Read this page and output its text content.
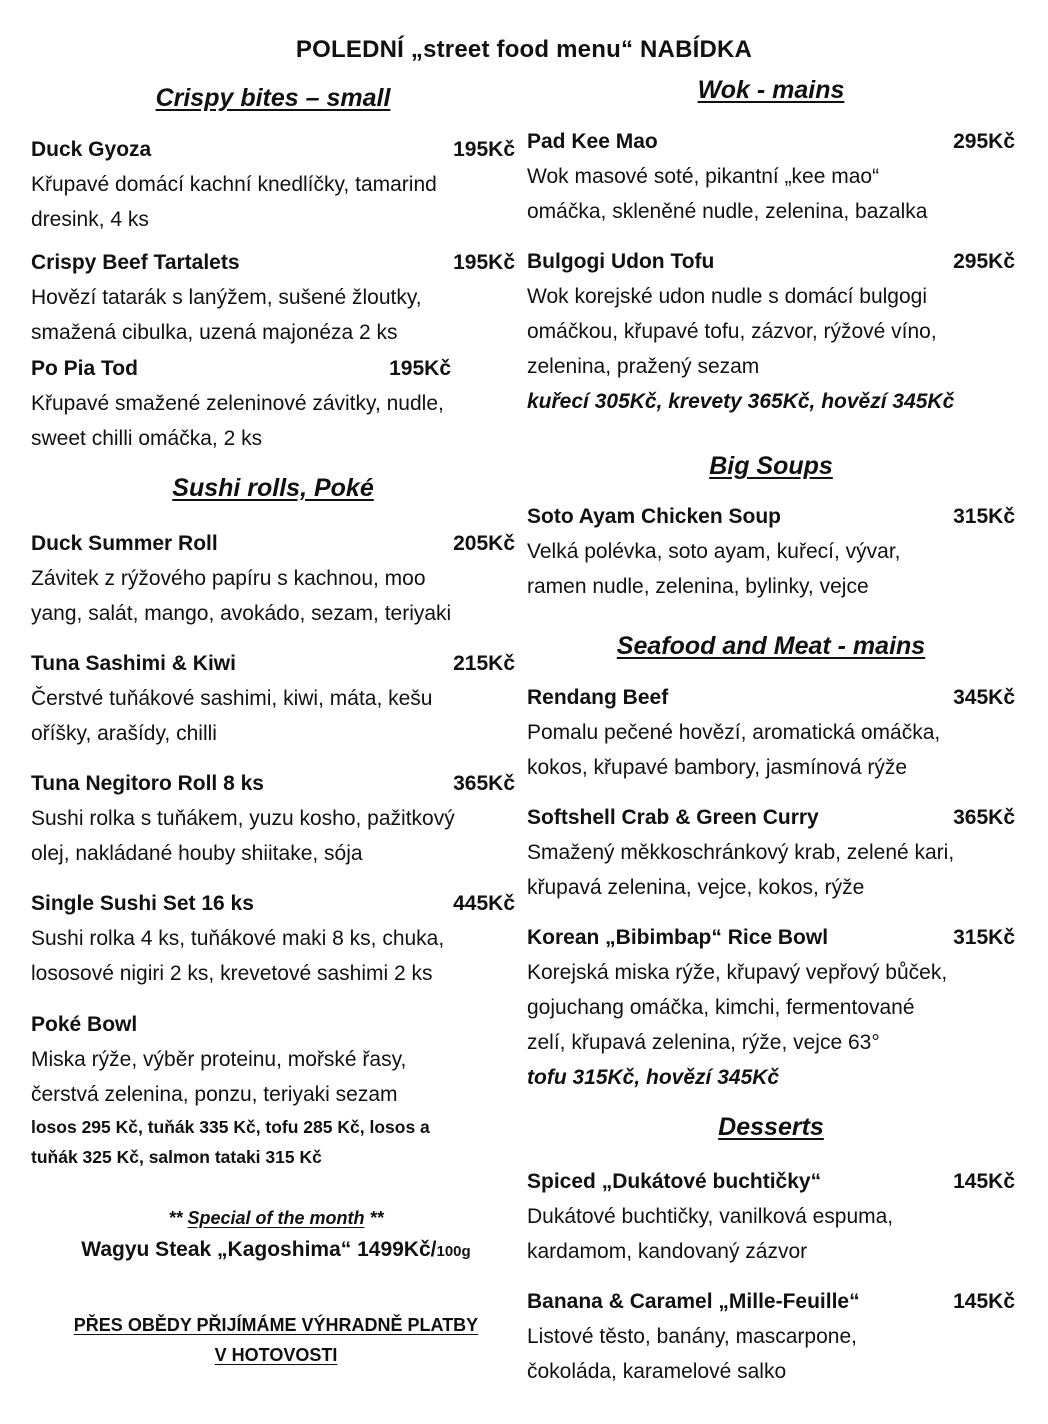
POLEDNÍ „street food menu“ NABÍDKA
Crispy bites – small
Duck Gyoza	195Kč
Křupavé domácí kachní knedlíčky, tamarind
dresink, 4 ks
Crispy Beef Tartalets	195Kč
Hovězí tatarák s lanýžem, sušené žloutky,
smažená cibulka, uzená majonéza 2 ks
Po Pia Tod	195Kč
Křupavé smažené zeleninové závitky, nudle,
sweet chilli omáčka, 2 ks
Sushi rolls, Poké
Duck Summer Roll	205Kč
Závitek z rýžového papíru s kachnou, moo
yang, salát, mango, avokádo, sezam, teriyaki
Tuna Sashimi & Kiwi	215Kč
Čerstvé tuňákové sashimi, kiwi, máta, kešu
oříšky, arašídy, chilli
Tuna Negitoro Roll 8 ks	365Kč
Sushi rolka s tuňákem, yuzu kosho, pažitkový
olej, nakládané houby shiitake, sója
Single Sushi Set 16 ks	445Kč
Sushi rolka 4 ks, tuňákové maki 8 ks, chuka,
lososové nigiri 2 ks, krevetové sashimi 2 ks
Poké Bowl
Miska rýže, výběr proteinu, mořské řasy,
čerstvá zelenina, ponzu, teriyaki sezam
losos 295 Kč, tuňák 335 Kč, tofu 285 Kč, losos a
tuňák 325 Kč, salmon tataki 315 Kč
** Special of the month **
Wagyu Steak „Kagoshima“ 1499Kč/100g
PŘES OBĚDY PŘIJÍMÁME VÝHRADNĚ PLATBY
V HOTOVOSTI
Wok - mains
Pad Kee Mao	295Kč
Wok masové soté, pikantní „kee mao“
omáčka, skleněné nudle, zelenina, bazalka
Bulgogi Udon Tofu	295Kč
Wok korejské udon nudle s domácí bulgogi
omáčkou, křupavé tofu, zázvor, rýžové víno,
zelenina, pražený sezam
kuřecí 305Kč, krevety 365Kč, hovězí 345Kč
Big Soups
Soto Ayam Chicken Soup	315Kč
Velká polévka, soto ayam, kuřecí, vývar,
ramen nudle, zelenina, bylinky, vejce
Seafood and Meat - mains
Rendang Beef	345Kč
Pomalu pečené hovězí, aromatická omáčka,
kokos, křupavé bambory, jasmínová rýže
Softshell Crab & Green Curry	365Kč
Smažený měkkoschránkový krab, zelené kari,
křupavá zelenina, vejce, kokos, rýže
Korean „Bibimbap“ Rice Bowl	315Kč
Korejská miska rýže, křupavý vepřový bůček,
gojuchang omáčka, kimchi, fermentované
zelí, křupavá zelenina, rýže, vejce 63°
tofu 315Kč, hovězí 345Kč
Desserts
Spiced „Dukátové buchtičky“	145Kč
Dukátové buchtičky, vanilková espuma,
kardamom, kandovaný zázvor
Banana & Caramel „Mille-Feuille“	145Kč
Listové těsto, banány, mascarpone,
čokoláda, karamelové salko
